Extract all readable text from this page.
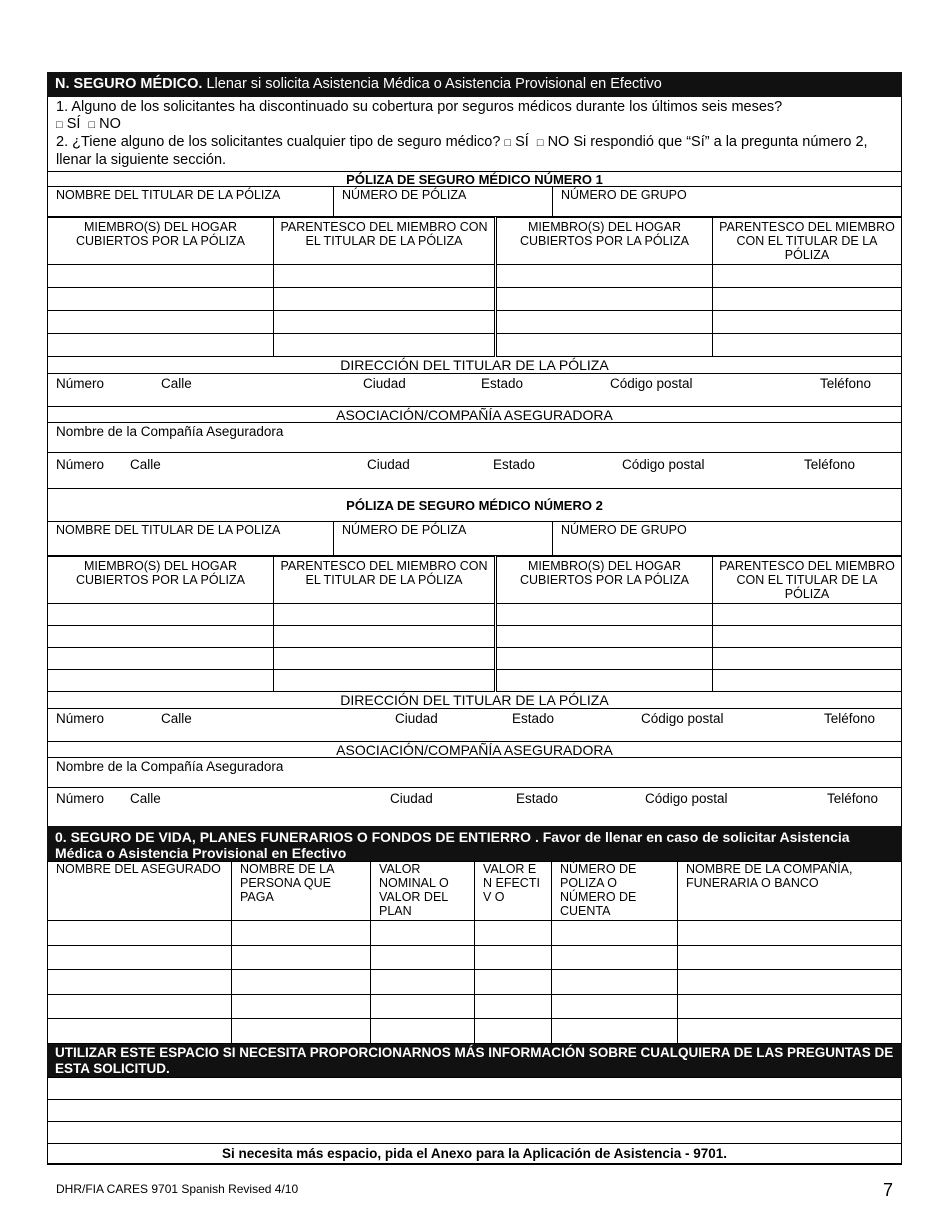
N. SEGURO MÉDICO. Llenar si solicita Asistencia Médica o Asistencia Provisional en Efectivo
1. Alguno de los solicitantes ha discontinuado su cobertura por seguros médicos durante los últimos seis meses?
□ SÍ □ NO
2. ¿Tiene alguno de los solicitantes cualquier tipo de seguro médico? □ SÍ □ NO Si respondió que “Sí” a la pregunta número 2, llenar la siguiente sección.
PÓLIZA DE SEGURO MÉDICO NÚMERO 1
NOMBRE DEL TITULAR DE LA PÓLIZA	NÚMERO DE PÓLIZA	NÚMERO DE GRUPO
MIEMBRO(S) DEL HOGAR CUBIERTOS POR LA PÓLIZA	PARENTESCO DEL MIEMBRO CON EL TITULAR DE LA PÓLIZA	MIEMBRO(S) DEL HOGAR CUBIERTOS POR LA PÓLIZA	PARENTESCO DEL MIEMBRO CON EL TITULAR DE LA PÓLIZA

DIRECCIÓN DEL TITULAR DE LA PÓLIZA
Número	Calle	Ciudad	Estado	Código postal	Teléfono
ASOCIACIÓN/COMPAÑÍA ASEGURADORA
Nombre de la Compañía Aseguradora
Número Calle	Ciudad	Estado	Código postal	Teléfono
PÓLIZA DE SEGURO MÉDICO NÚMERO 2
NOMBRE DEL TITULAR DE LA POLIZA	NÚMERO DE PÓLIZA	NÚMERO DE GRUPO
MIEMBRO(S) DEL HOGAR CUBIERTOS POR LA PÓLIZA	PARENTESCO DEL MIEMBRO CON EL TITULAR DE LA PÓLIZA	MIEMBRO(S) DEL HOGAR CUBIERTOS POR LA PÓLIZA	PARENTESCO DEL MIEMBRO CON EL TITULAR DE LA PÓLIZA

DIRECCIÓN DEL TITULAR DE LA PÓLIZA
Número	Calle	Ciudad	Estado	Código postal	Teléfono
ASOCIACIÓN/COMPAÑÍA ASEGURADORA
Nombre de la Compañía Aseguradora
Número Calle	Ciudad	Estado	Código postal	Teléfono
0. SEGURO DE VIDA, PLANES FUNERARIOS O FONDOS DE ENTIERRO . Favor de llenar en caso de solicitar Asistencia Médica o Asistencia Provisional en Efectivo
NOMBRE DEL ASEGURADO	NOMBRE DE LA PERSONA QUE PAGA	VALOR NOMINAL O VALOR DEL PLAN	VALOR EN EFECTIV O	NÚMERO DE POLIZA O NÚMERO DE CUENTA	NOMBRE DE LA COMPAÑÍA, FUNERARIA O BANCO

UTILIZAR ESTE ESPACIO SI NECESITA PROPORCIONARNOS MÁS INFORMACIÓN SOBRE CUALQUIERA DE LAS PREGUNTAS DE ESTA SOLICITUD.
Si necesita más espacio, pida el Anexo para la Aplicación de Asistencia - 9701.
DHR/FIA CARES 9701 Spanish Revised 4/10	7
